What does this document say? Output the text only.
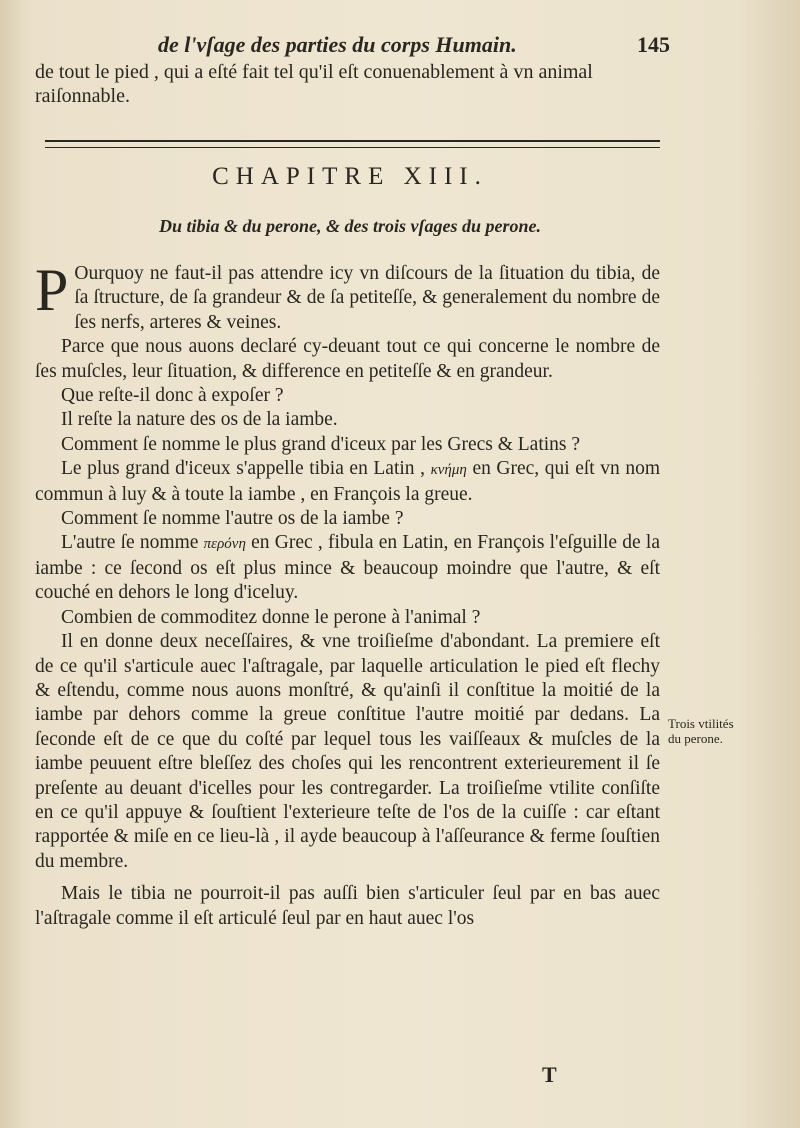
de l'vſage des parties du corps Humain.	145
de tout le pied , qui a eſté fait tel qu'il eſt conuenablement à vn animal raiſonnable.
CHAPITRE XIII.
Du tibia & du perone, & des trois vſages du perone.

P Ourquoy ne faut-il pas attendre icy vn diſcours de la ſituation du tibia, de ſa ſtructure, de ſa grandeur & de ſa petiteſſe, & generalement du nombre de ſes nerfs, arteres & veines.

Parce que nous auons declaré cy-deuant tout ce qui concerne le nombre de ſes muſcles, leur ſituation, & difference en petiteſſe & en grandeur.

Que reſte-il donc à expoſer ?

Il reſte la nature des os de la iambe.

Comment ſe nomme le plus grand d'iceux par les Grecs & Latins ?

Le plus grand d'iceux s'appelle tibia en Latin , κνήμη en Grec, qui eſt vn nom commun à luy & à toute la iambe , en François la greue.

Comment ſe nomme l'autre os de la iambe ?

L'autre ſe nomme περόνη en Grec , fibula en Latin, en François l'eſguille de la iambe : ce ſecond os eſt plus mince & beaucoup moindre que l'autre, & eſt couché en dehors le long d'iceluy.

Combien de commoditez donne le perone à l'animal ?

Il en donne deux neceſſaires, & vne troiſieſme d'abondant. La premiere eſt de ce qu'il s'articule auec l'aſtragale, par laquelle articulation le pied eſt flechy & eſtendu, comme nous auons monſtré, & qu'ainſi il conſtitue la moitié de la iambe par dehors comme la greue conſtitue l'autre moitié par dedans. La ſeconde eſt de ce que du coſté par lequel tous les vaiſſeaux & muſcles de la iambe peuuent eſtre bleſſez des choſes qui les rencontrent exterieurement il ſe preſente au deuant d'icelles pour les contregarder. La troiſieſme vtilite conſiſte en ce qu'il appuye & ſouſtient l'exterieure teſte de l'os de la cuiſſe : car eſtant rapportée & miſe en ce lieu-là , il ayde beaucoup à l'aſſeurance & ferme ſouſtien du membre.

Mais le tibia ne pourroit-il pas auſſi bien s'articuler ſeul par en bas auec l'aſtragale comme il eſt articulé ſeul par en haut auec l'os

Trois vtilités du perone.
T
